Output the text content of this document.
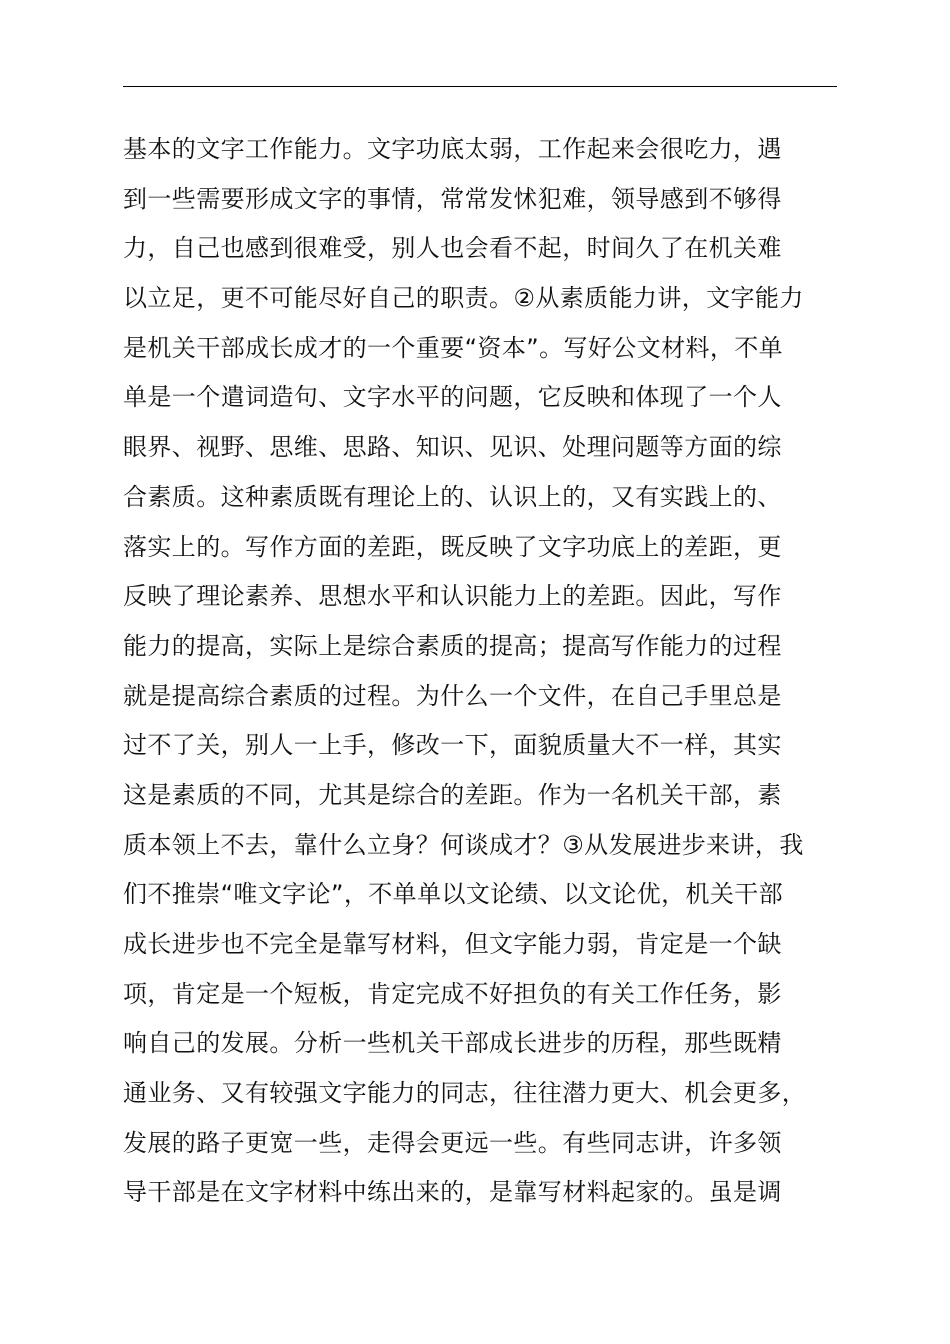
基本的文字工作能力。文字功底太弱，工作起来会很吃力，遇
到一些需要形成文字的事情，常常发怵犯难，领导感到不够得
力，自己也感到很难受，别人也会看不起，时间久了在机关难
以立足，更不可能尽好自己的职责。②从素质能力讲，文字能力
是机关干部成长成才的一个重要“资本”。写好公文材料，不单
单是一个遣词造句、文字水平的问题，它反映和体现了一个人
眼界、视野、思维、思路、知识、见识、处理问题等方面的综
合素质。这种素质既有理论上的、认识上的，又有实践上的、
落实上的。写作方面的差距，既反映了文字功底上的差距，更
反映了理论素养、思想水平和认识能力上的差距。因此，写作
能力的提高，实际上是综合素质的提高；提高写作能力的过程
就是提高综合素质的过程。为什么一个文件，在自己手里总是
过不了关，别人一上手，修改一下，面貌质量大不一样，其实
这是素质的不同，尤其是综合的差距。作为一名机关干部，素
质本领上不去，靠什么立身？何谈成才？③从发展进步来讲，我
们不推崇“唯文字论”，不单单以文论绩、以文论优，机关干部
成长进步也不完全是靠写材料，但文字能力弱，肯定是一个缺
项，肯定是一个短板，肯定完成不好担负的有关工作任务，影
响自己的发展。分析一些机关干部成长进步的历程，那些既精
通业务、又有较强文字能力的同志，往往潜力更大、机会更多，
发展的路子更宽一些，走得会更远一些。有些同志讲，许多领
导干部是在文字材料中练出来的，是靠写材料起家的。虽是调
